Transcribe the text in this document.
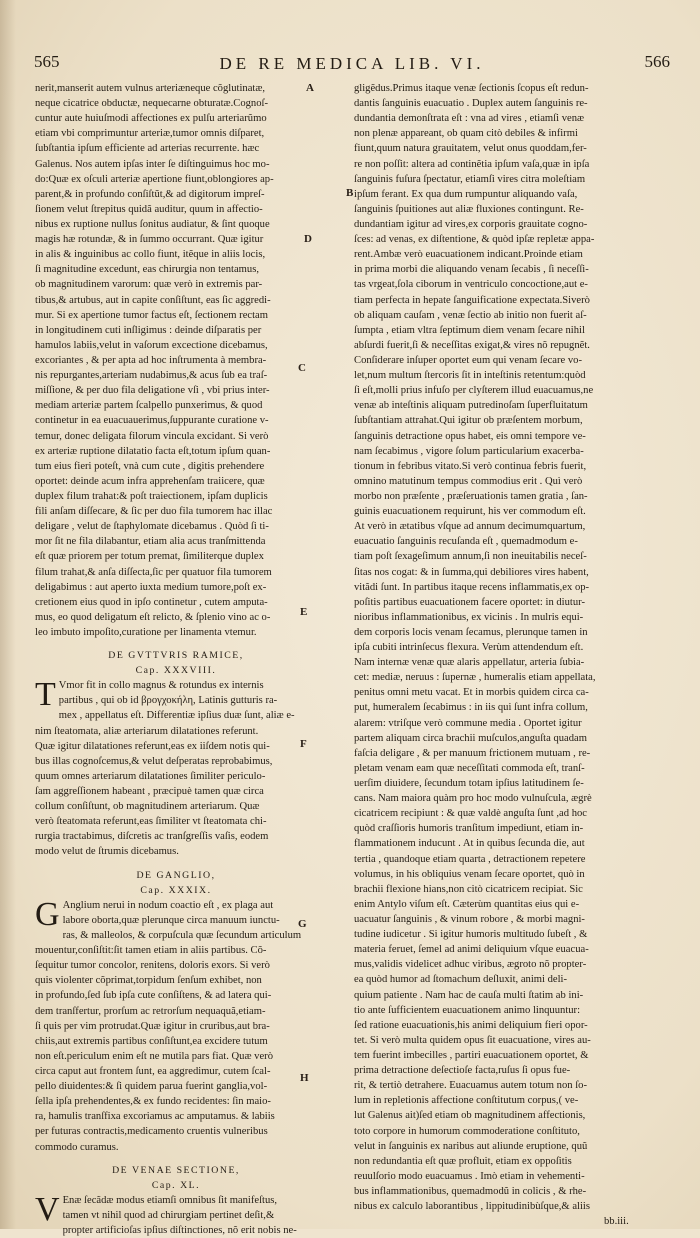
565	DE RE MEDICA LIB. VI.	566
nerit,manserit autem vulnus arteriæneque cõglutinatæ,
neque cicatrice obductæ, nequecarne obturatæ.Cognoſ-
cuntur aute huiuſmodi affectiones ex pulſu arteriarũmo
etiam vbi comprimuntur arteriæ,tumor omnis diſparet,
ſubſtantia ipſum efficiente ad arterias recurrente. hæc
Galenus. Nos autem ipſas inter ſe diſtinguimus hoc mo-
do:Quæ ex oſculi arteriæ apertione fiunt,oblongiores ap-
parent,& in profundo conſiſtũt,& ad digitorum impreſ-
ſionem velut ſtrepitus quidã auditur, quum in affectio-
nibus ex ruptione nullus ſonitus audiatur, & ſint quoque
magis hæ rotundæ, & in ſummo occurrant. Quæ igitur
in alis & inguinibus ac collo fiunt, itẽque in aliis locis,
ſi magnitudine excedunt, eas chirurgia non tentamus,
ob magnitudinem varorum: quæ verò in extremis par-
tibus,& artubus, aut in capite conſiſtunt, eas ſic aggredi-
mur. Si ex apertione tumor factus eſt, ſectionem rectam
in longitudinem cuti inſligimus : deinde diſparatis per
hamulos labiis,velut in vaſorum excectione dicebamus,
excoriantes , & per apta ad hoc inſtrumenta à membra-
nis repurgantes,arteriam nudabimus,& acus ſub ea traſ-
miſſione, & per duo fila deligatione vſi , vbi prius inter-
mediam arteriæ partem ſcalpello punxerimus, & quod
continetur in ea euacuauerimus,ſuppurante curatione v-
temur, donec deligata filorum vincula excidant. Si verò
ex arteriæ ruptione dilatatio facta eſt,totum ipſum quan-
tum eius fieri poteſt, vnà cum cute , digitis prehendere
oportet: deinde acum infra apprehenſam traiicere, quæ
duplex filum trahat:& poſt traiectionem, ipſam duplicis
fili anſam diſſecare, & ſic per duo fila tumorem hac illac
deligare , velut de ſtaphylomate dicebamus . Quòd ſi ti-
mor ſit ne fila dilabantur, etiam alia acus tranſmittenda
eſt quæ priorem per totum premat, ſimiliterque duplex
filum trahat,& anſa diſſecta,ſic per quatuor fila tumorem
deligabimus : aut aperto iuxta medium tumore,poſt ex-
cretionem eius quod in ipſo continetur , cutem amputa-
mus, eo quod deligatum eſt relicto, & ſplenio vino ac o-
leo imbuto impoſito,curatione per linamenta vtemur.
DE GVTTVRIS RAMICE,
Cap. XXXVIII.
T Vmor fit in collo magnus & rotundus ex internis
partibus , qui ob id βρογχοκήλη, Latinis gutturis ra-
mex , appellatus eſt. Differentiæ ipſius duæ ſunt, aliæ e-
nim ſteatomata, aliæ arteriarum dilatationes referunt.
Quæ igitur dilatationes referunt,eas ex iiſdem notis qui-
bus illas cognoſcemus,& velut deſperatas reprobabimus,
quum omnes arteriarum dilatationes ſimiliter periculo-
ſam aggreſſionem habeant , præcipuè tamen quæ circa
collum conſiſtunt, ob magnitudinem arteriarum. Quæ
verò ſteatomata referunt,eas ſimiliter vt ſteatomata chi-
rurgia tractabimus, diſcretis ac tranſgreſſis vaſis, eodem
modo velut de ſtrumis dicebamus.
DE GANGLIO,
Cap. XXXIX.
G Anglium nerui in nodum coactio eſt , ex plaga aut
labore oborta,quæ plerunque circa manuum iunctu-
ras, & malleolos, & corpuſcula quæ ſecundum articulum
mouentur,conſiſtit:ſit tamen etiam in aliis partibus. Cõ-
ſequitur tumor concolor, renitens, doloris exors. Si verò
quis violenter cõprimat,torpidum ſenſum exhibet, non
in profundo,ſed ſub ipſa cute conſiſtens, & ad latera qui-
dem tranſfertur, prorſum ac retrorſum nequaquã,etiam-
ſi quis per vim protrudat.Quæ igitur in cruribus,aut bra-
chiis,aut extremis partibus conſiſtunt,ea excidere tutum
non eſt.periculum enim eſt ne mutila pars fiat. Quæ verò
circa caput aut frontem ſunt, ea aggredimur, cutem ſcal-
pello diuidentes:& ſi quidem parua fuerint ganglia,vol-
ſella ipſa prehendentes,& ex fundo recidentes: ſin maio-
ra, hamulis tranſfixa excoriamus ac amputamus. & labiis
per futuras contractis,medicamento cruentis vulneribus
commodo curamus.
DE VENAE SECTIONE,
Cap. XL.
V Enæ ſecãdæ modus etiamſi omnibus ſit manifeſtus,
tamen vt nihil quod ad chirurgiam pertinet deſit,&
propter artificioſas ipſius diſtinctiones, nõ erit nobis ne-
gligẽdus.Primus itaque venæ ſectionis ſcopus eſt redun-
dantis ſanguinis euacuatio . Duplex autem ſanguinis re-
dundantia demonſtrata eſt : vna ad vires , etiamſi venæ
non plenæ appareant, ob quam citò debiles & infirmi
fiunt,quum natura grauitatem, velut onus quoddam,fer-
re non poſſit: altera ad continẽtia ipſum vaſa,quæ in ipſa
ſanguinis fuſura ſpectatur, etiamſi vires citra moleſtiam
ipſum ferant. Ex qua dum rumpuntur aliquando vaſa,
ſanguinis ſpuitiones aut aliæ fluxiones contingunt. Re-
dundantiam igitur ad vires,ex corporis grauitate cogno-
ſces: ad venas, ex diſtentione, & quòd ipſæ repletæ appa-
rent.Ambæ verò euacuationem indicant.Proinde etiam
in prima morbi die aliquando venam ſecabis , ſi neceſſi-
tas vrgeat,ſola ciborum in ventriculo concoctione,aut e-
tiam perfecta in hepate ſanguificatione expectata.Siverò
ob aliquam cauſam , venæ ſectio ab initio non fuerit aſ-
ſumpta , etiam vltra ſeptimum diem venam ſecare nihil
abſurdi fuerit,ſi & neceſſitas exigat,& vires nõ repugnẽt.
Conſiderare inſuper oportet eum qui venam ſecare vo-
let,num multum ſtercoris ſit in inteſtinis retentum:quòd
ſi eſt,molli prius infuſo per clyſterem illud euacuamus,ne
venæ ab inteſtinis aliquam putredinoſam ſuperfluitatum
ſubſtantiam attrahat.Qui igitur ob præſentem morbum,
ſanguinis detractione opus habet, eis omni tempore ve-
nam ſecabimus , vigore ſolum particularium exacerba-
tionum in febribus vitato.Si verò continua febris fuerit,
omnino matutinum tempus commodius erit . Quì verò
morbo non præſente , præſeruationis tamen gratia , ſan-
guinis euacuationem requirunt, his ver commodum eſt.
At verò in ætatibus vſque ad annum decimumquartum,
euacuatio ſanguinis recuſanda eſt , quemadmodum e-
tiam poſt ſexageſimum annum,ſi non ineuitabilis neceſ-
ſitas nos cogat: & in ſumma,qui debiliores vires habent,
vitãdi ſunt. In partibus itaque recens inflammatis,ex op-
poſitis partibus euacuationem facere oportet: in diutur-
nioribus inflammationibus, ex vicinis . In mulris equi-
dem corporis locis venam ſecamus, plerunque tamen in
ipſa cubiti intrinſecus flexura. Verùm attendendum eſt.
Nam internæ venæ quæ alaris appellatur, arteria ſubia-
cet: mediæ, neruus : ſupernæ , humeralis etiam appellata,
penitus omni metu vacat. Et in morbis quidem circa ca-
put, humeralem ſecabimus : in iis qui ſunt infra collum,
alarem: vtriſque verò commune media . Oportet igitur
partem aliquam circa brachii muſculos,anguſta quadam
faſcia deligare , & per manuum frictionem mutuam , re-
pletam venam eam quæ neceſſitati commoda eſt, tranſ-
uerſim diuidere, ſecundum totam ipſius latitudinem ſe-
cans. Nam maiora quàm pro hoc modo vulnuſcula, ægrè
cicatricem recipiunt : & quæ valdè anguſta ſunt ,ad hoc
quòd craſſioris humoris tranſitum impediunt, etiam in-
flammationem inducunt . At in quibus ſecunda die, aut
tertia , quandoque etiam quarta , detractionem repetere
volumus, in his obliquius venam ſecare oportet, quò in
brachii flexione hians,non citò cicatricem recipiat. Sic
enim Antylo viſum eſt. Cæterùm quantitas eius qui e-
uacuatur ſanguinis , & vinum robore , & morbi magni-
tudine iudicetur . Si igitur humoris multitudo ſubeſt , &
materia feruet, ſemel ad animi deliquium vſque euacua-
mus,validis videlicet adhuc viribus, ægroto nõ propter-
ea quòd humor ad ſtomachum deſluxit, animi deli-
quium patiente . Nam hac de cauſa multi ſtatim ab ini-
tio ante ſufficientem euacuationem animo linquuntur:
ſed ratione euacuationis,his animi deliquium fieri opor-
tet. Si verò multa quidem opus ſit euacuatione, vires au-
tem fuerint imbecilles , partiri euacuationem oportet, &
prima detractione deſectioſe facta,ruſus ſi opus fue-
rit, & tertiò detrahere. Euacuamus autem totum non ſo-
lum in repletionis affectione conſtitutum corpus,( ve-
lut Galenus ait)ſed etiam ob magnitudinem affectionis,
toto corpore in humorum commoderatione conſtituto,
velut in ſanguinis ex naribus aut aliunde eruptione, quũ
non redundantia eſt quæ profluit, etiam ex oppoſitis
reuulſorio modo euacuamus . Imò etiam in vehementi-
bus inflammationibus, quemadmodũ in colicis , & rhe-
nibus ex calculo laborantibus , lippitudinibùſque,& aliis
A
B
C
D
E
F
G
H
bb.iii.
